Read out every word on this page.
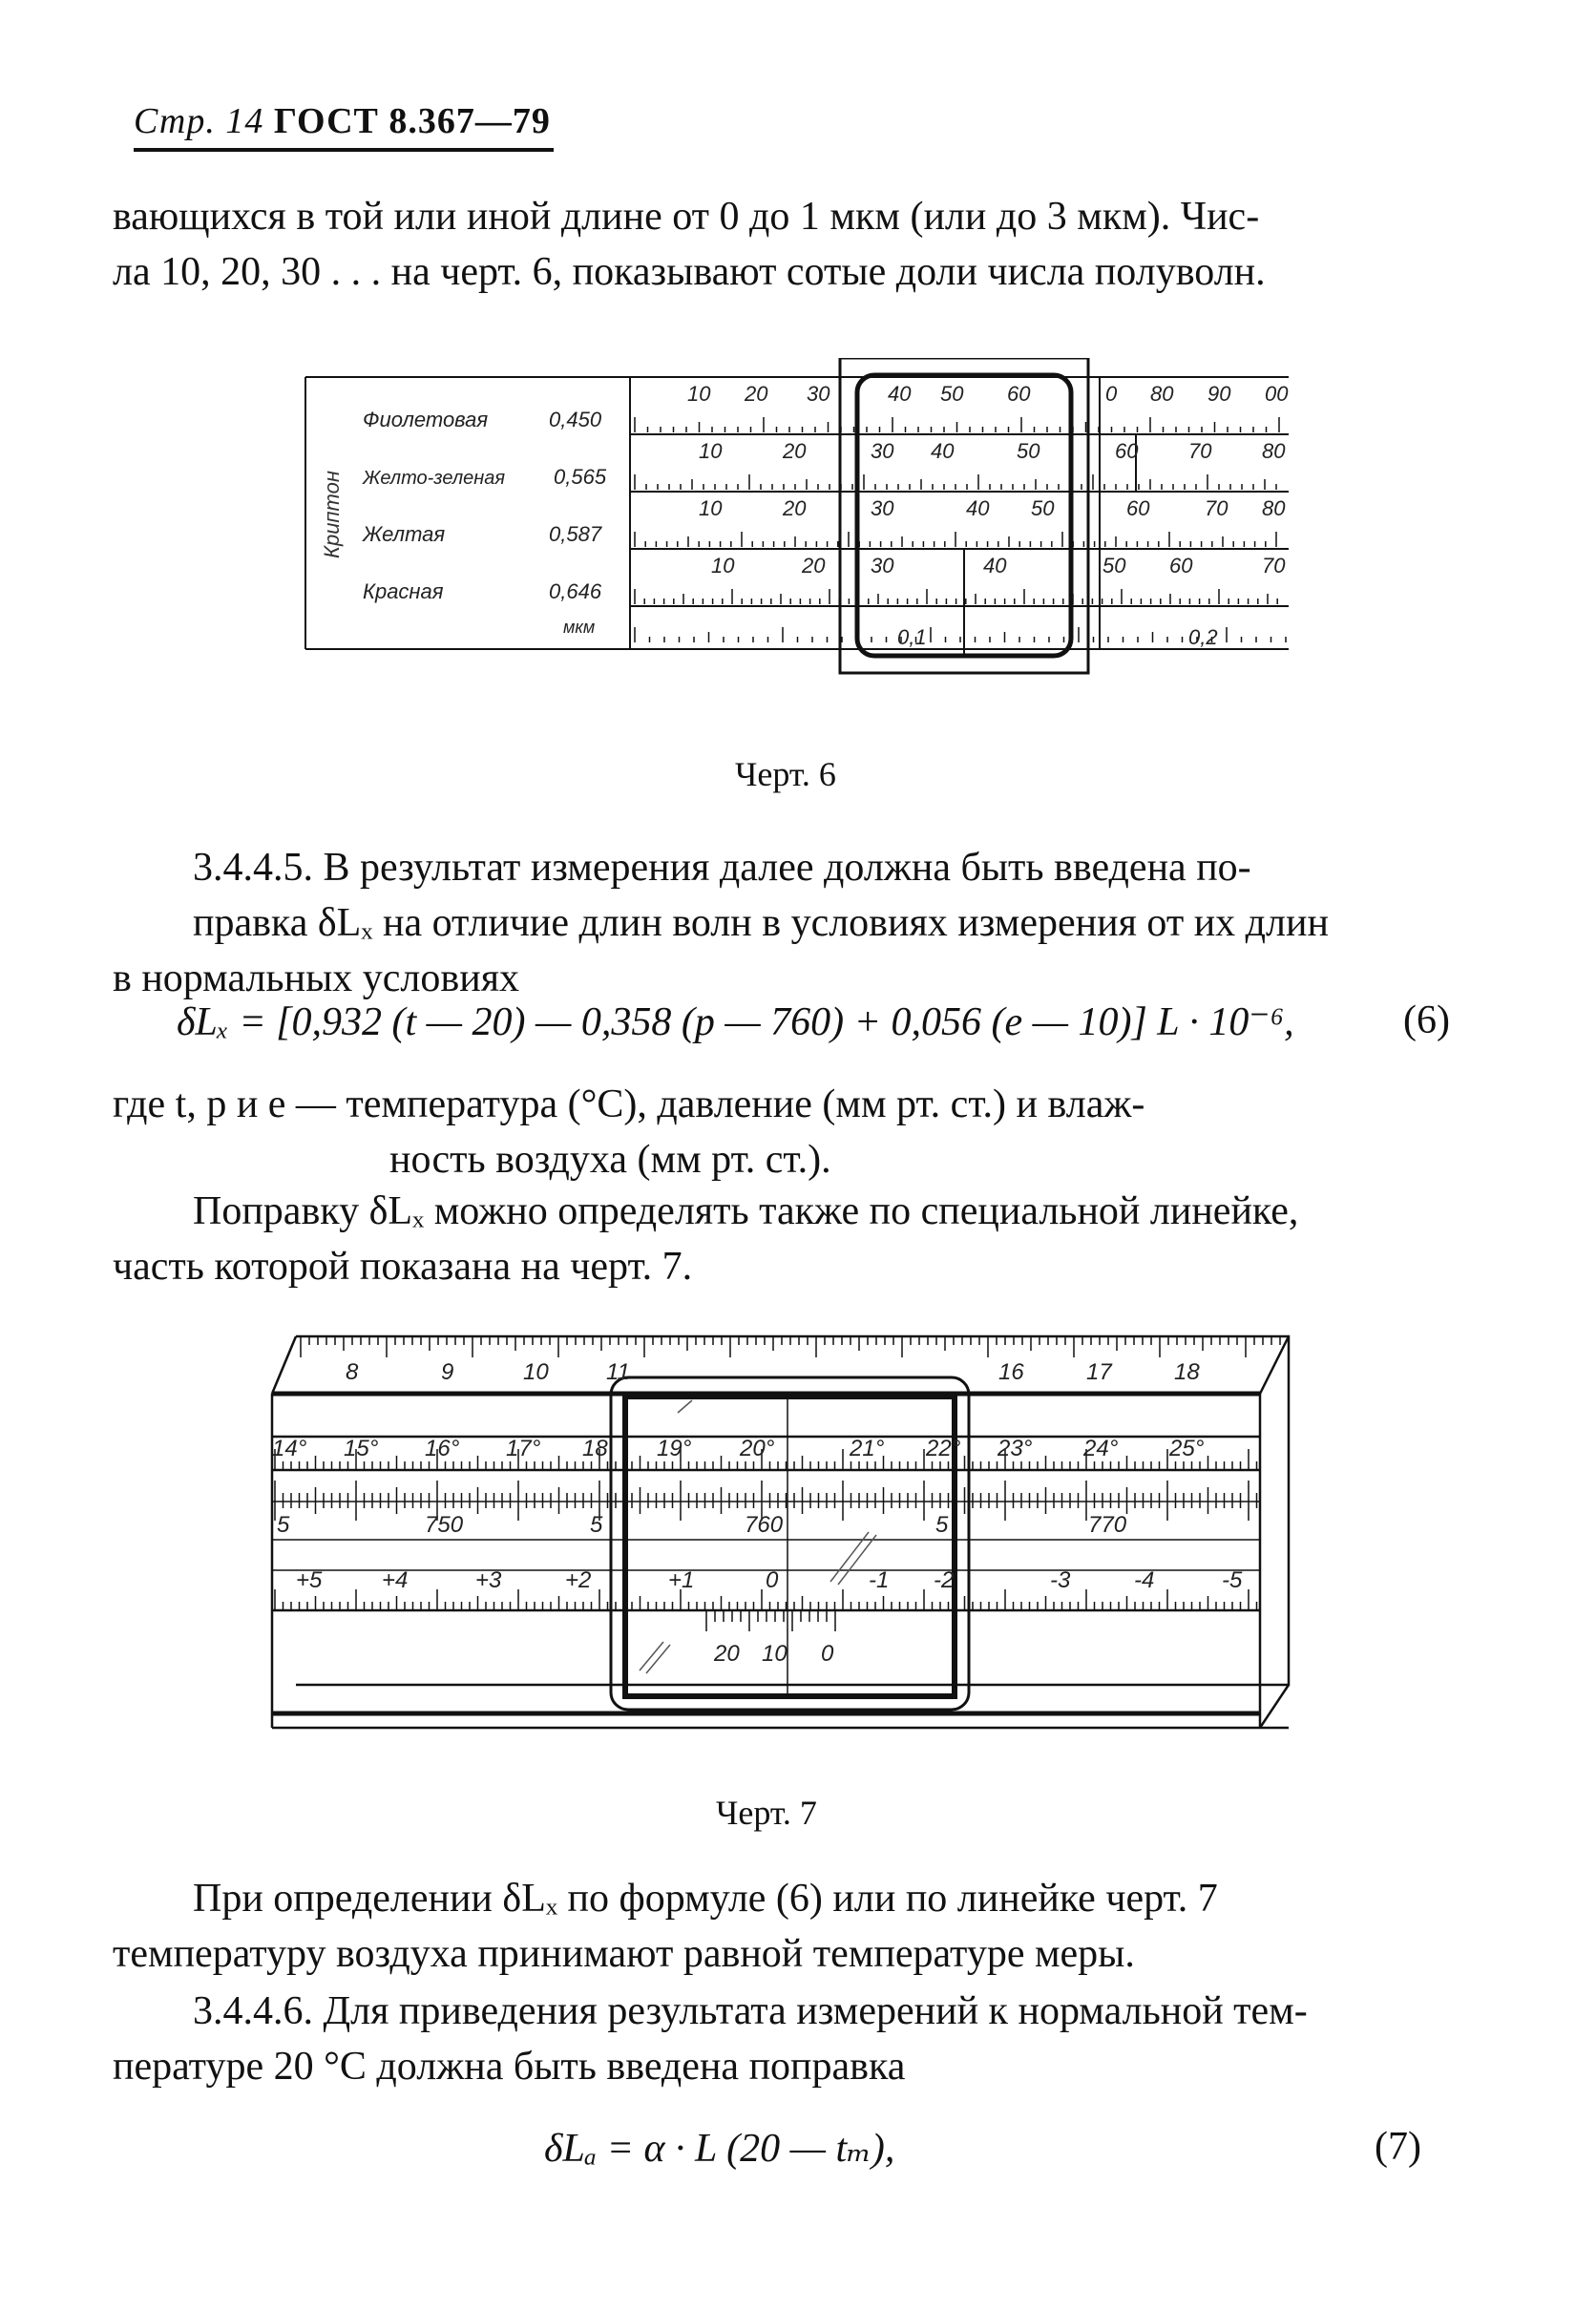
Стр. 14 ГОСТ 8.367—79
вающихся в той или иной длине от 0 до 1 мкм (или до 3 мкм). Чис-
ла 10, 20, 30 . . . на черт. 6, показывают сотые доли числа полуволн.
Криптон
Фиолетовая	0,450
Желто-зеленая 0,565
Желтая	0,587
Красная	0,646
мкм
10 20 30	40 50 60	0 80 90 00
10	20	30 40	50	60 70 80
10	20	30	40 50	60	70 80
10	20 30	40	50 60	70
0,1	0,2
Черт. 6
3.4.4.5. В результат измерения далее должна быть введена по-
правка δLₓ на отличие длин волн в условиях измерения от их длин
в нормальных условиях
δLₓ = [0,932 (t — 20) — 0,358 (p — 760) + 0,056 (e — 10)] L · 10⁻⁶,	(6)
где t, p и e — температура (°C), давление (мм рт. ст.) и влаж-
ность воздуха (мм рт. ст.).
Поправку δLₓ можно определять также по специальной линейке,
часть которой показана на черт. 7.
8	9	10	11	16	17	18
14° 15° 16° 17° 18 19° 20°	21° 22° 23° 24° 25°
5	750	5	760	5	770
+5	+4	+3	+2	+1	0	-1 -2	-3	-4	-5
20 10 0
Черт. 7
При определении δLₓ по формуле (6) или по линейке черт. 7
температуру воздуха принимают равной температуре меры.
3.4.4.6. Для приведения результата измерений к нормальной тем-
пературе 20 °С должна быть введена поправка
δLₐ = α · L (20 — tₘ),	(7)
